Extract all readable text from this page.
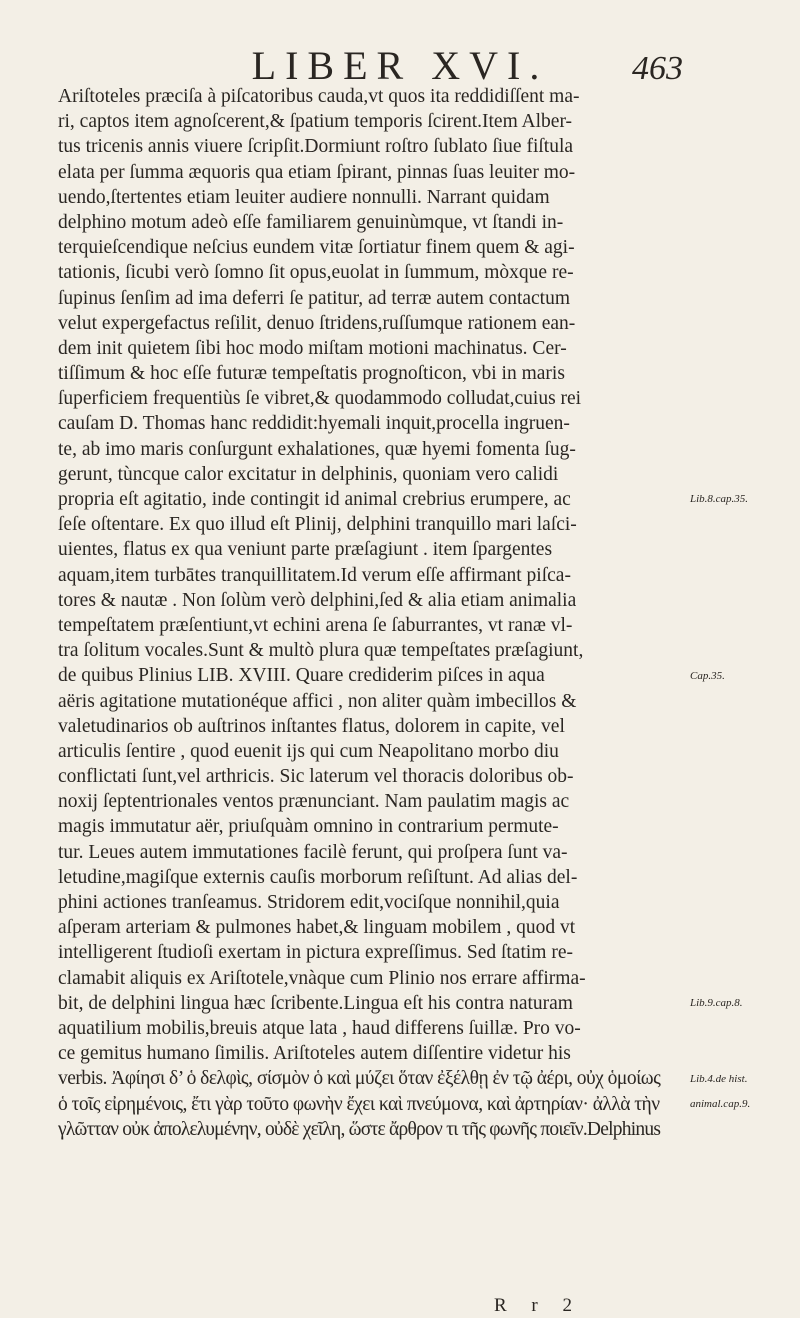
LIBER XVI.	463
Ariſtoteles præciſa à piſcatoribus cauda,vt quos ita reddidiſſent ma-
ri, captos item agnoſcerent,& ſpatium temporis ſcirent.Item Alber-
tus tricenis annis viuere ſcripſit.Dormiunt roſtro ſublato ſiue fiſtula
elata per ſumma æquoris qua etiam ſpirant, pinnas ſuas leuiter mo-
uendo,ſtertentes etiam leuiter audiere nonnulli. Narrant quidam
delphino motum adeò eſſe familiarem genuinùmque, vt ſtandi in-
terquieſcendique neſcius eundem vitæ ſortiatur finem quem & agi-
tationis, ſicubi verò ſomno ſit opus,euolat in ſummum, mòxque re-
ſupinus ſenſim ad ima deferri ſe patitur, ad terræ autem contactum
velut expergefactus reſilit, denuo ſtridens,ruſſumque rationem ean-
dem init quietem ſibi hoc modo miſtam motioni machinatus. Cer-
tiſſimum & hoc eſſe futuræ tempeſtatis prognoſticon, vbi in maris
ſuperficiem frequentiùs ſe vibret,& quodammodo colludat,cuius rei
cauſam D. Thomas hanc reddidit:hyemali inquit,procella ingruen-
te, ab imo maris conſurgunt exhalationes, quæ hyemi fomenta ſug-
gerunt, tùncque calor excitatur in delphinis, quoniam vero calidi
propria eſt agitatio, inde contingit id animal crebrius erumpere, ac
ſeſe oſtentare. Ex quo illud eſt Plinij, delphini tranquillo mari laſci-
uientes, flatus ex qua veniunt parte præſagiunt . item ſpargentes
aquam,item turbātes tranquillitatem.Id verum eſſe affirmant piſca-
tores & nautæ . Non ſolùm verò delphini,ſed & alia etiam animalia
tempeſtatem præſentiunt,vt echini arena ſe ſaburrantes, vt ranæ vl-
tra ſolitum vocales.Sunt & multò plura quæ tempeſtates præſagiunt,
de quibus Plinius LIB. XVIII. Quare crediderim piſces in aqua
aëris agitatione mutationéque affici , non aliter quàm imbecillos &
valetudinarios ob auſtrinos inſtantes flatus, dolorem in capite, vel
articulis ſentire , quod euenit ijs qui cum Neapolitano morbo diu
conflictati ſunt,vel arthricis. Sic laterum vel thoracis doloribus ob-
noxij ſeptentrionales ventos prænunciant. Nam paulatim magis ac
magis immutatur aër, priuſquàm omnino in contrarium permute-
tur. Leues autem immutationes facilè ferunt, qui proſpera ſunt va-
letudine,magiſque externis cauſis morborum reſiſtunt. Ad alias del-
phini actiones tranſeamus. Stridorem edit,vociſque nonnihil,quia
aſperam arteriam & pulmones habet,& linguam mobilem , quod vt
intelligerent ſtudioſi exertam in pictura expreſſimus. Sed ſtatim re-
clamabit aliquis ex Ariſtotele,vnàque cum Plinio nos errare affirma-
bit, de delphini lingua hæc ſcribente.Lingua eſt his contra naturam
aquatilium mobilis,breuis atque lata , haud differens ſuillæ. Pro vo-
ce gemitus humano ſimilis. Ariſtoteles autem diſſentire videtur his
verbis. Ἀφίησι δ’ ὁ δελφὶς, σίσμὸν ὁ καὶ μύζει ὅταν ἐξέλθῃ ἐν τῷ ἀέρι, οὐχ ὁμοίως
ὁ τοῖς εἰρημένοις, ἔτι γὰρ τοῦτο φωνὴν ἔχει καὶ πνεύμονα, καὶ ἀρτηρίαν· ἀλλὰ τὴν
γλῶτταν οὐκ ἀπολελυμένην, οὐδὲ χεῖλη, ὥστε ἄρθρον τι τῆς φωνῆς ποιεῖν.Delphinus
Lib.8.cap.35.
Cap.35.
Lib.9.cap.8.
Lib.4.de hist.
animal.cap.9.
R r 2
